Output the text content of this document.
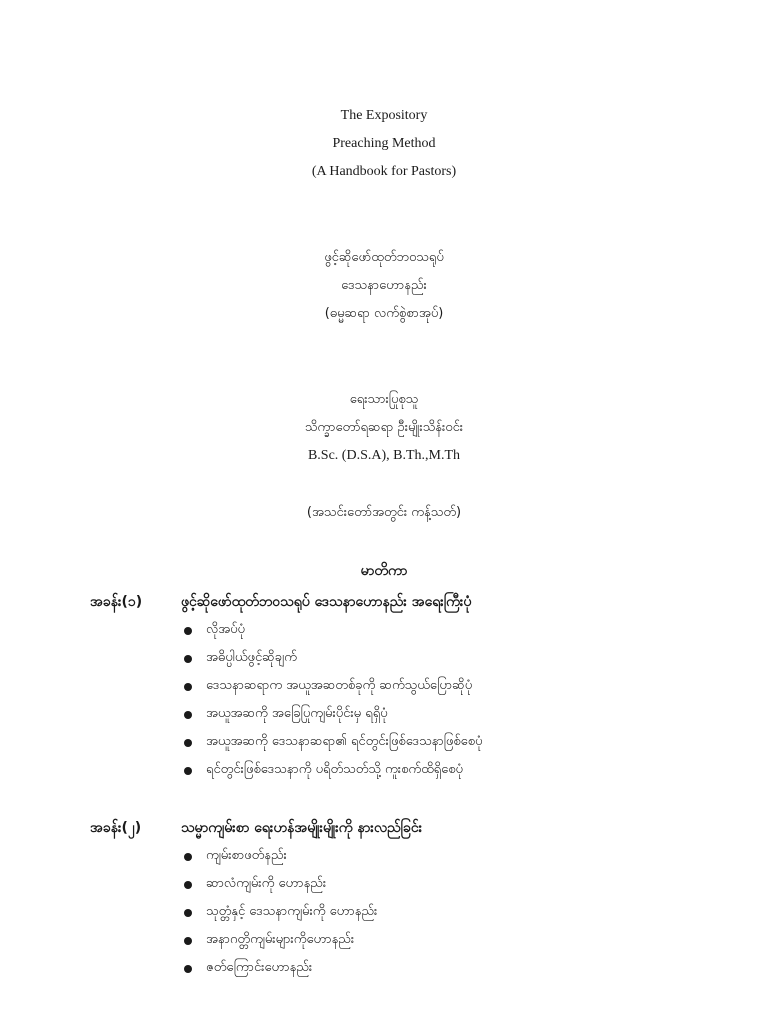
The Expository
Preaching Method
(A Handbook for Pastors)
ဖွင့်ဆိုဖော်ထုတ်ဘ၀သရုပ်
ဒေသနာဟောနည်း
(ဓမ္မဆရာ လက်စွဲစာအုပ်)
ရေးသားပြုစုသူ
သိက္ခာတော်ရဆရာ ဦးမျိုးသိန်း၀င်း
B.Sc. (D.S.A), B.Th.,M.Th
(အသင်းတော်အတွင်း ကန့်သတ်)
မာတိကာ
အခန်း(၁)	ဖွင့်ဆိုဖော်ထုတ်ဘ၀သရုပ် ဒေသနာဟောနည်း အရေးကြီးပုံ
လိုအပ်ပုံ
အဓိပ္ပါယ်ဖွင့်ဆိုချက်
ဒေသနာဆရာက အယူအဆတစ်ခုကို ဆက်သွယ်ပြောဆိုပုံ
အယူအဆကို အခြေပြုကျမ်းပိုင်းမှ ရရှိပုံ
အယူအဆကို ဒေသနာဆရာ၏ ရင်တွင်းဖြစ်ဒေသနာဖြစ်စေပုံ
ရင်တွင်းဖြစ်ဒေသနာကို ပရိတ်သတ်သို့ ကူးစက်ထိရှိစေပုံ
အခန်း(၂)	သမ္မာကျမ်းစာ ရေးဟန်အမျိုးမျိုးကို နားလည်ခြင်း
ကျမ်းစာဖတ်နည်း
ဆာလံကျမ်းကို ဟောနည်း
သုတ္တံနှင့် ဒေသနာကျမ်းကို ဟောနည်း
အနာဂတ္တိကျမ်းများကိုဟောနည်း
ဇတ်ကြောင်းဟောနည်း
